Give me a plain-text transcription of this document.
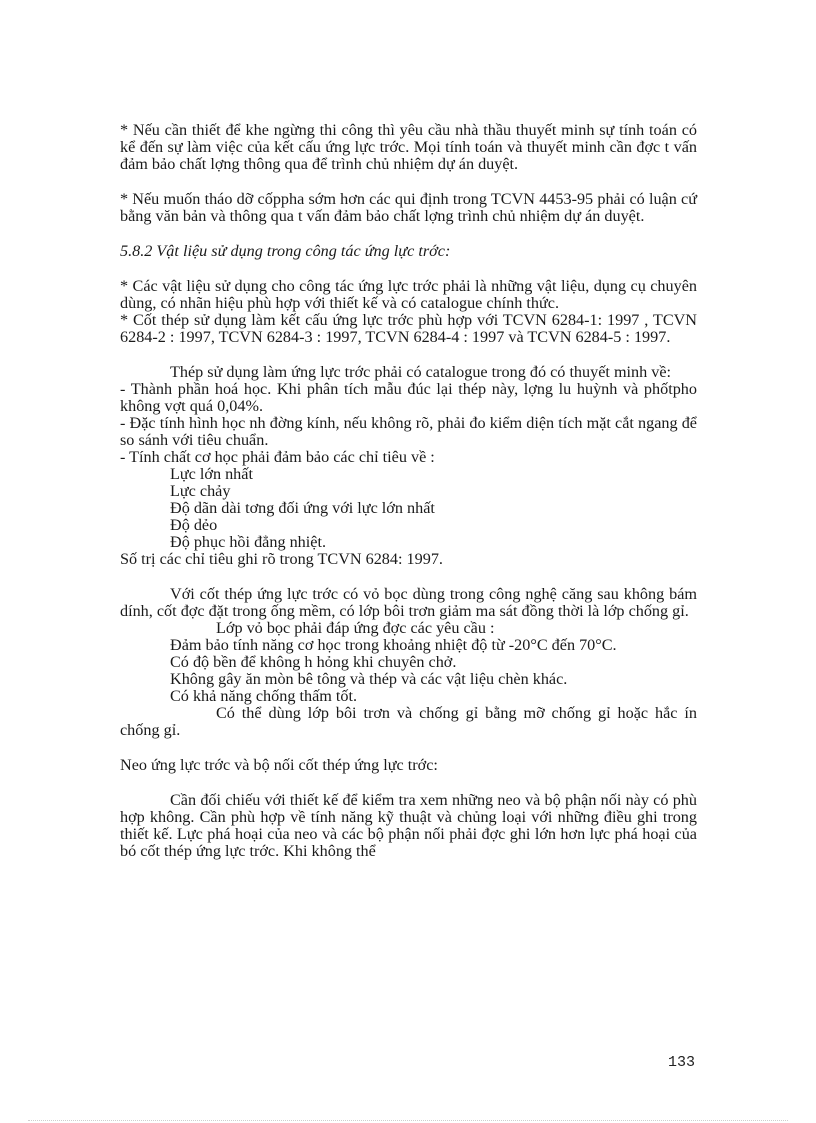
* Nếu cần thiết để khe ngừng thi công thì yêu cầu nhà thầu thuyết minh sự tính toán có kể đến sự làm việc của kết cấu ứng lực trớc. Mọi tính toán và thuyết minh cần đợc t vấn đảm bảo chất lợng thông qua để trình chủ nhiệm dự án duyệt.

* Nếu muốn tháo dỡ cốppha sớm hơn các qui định trong TCVN 4453-95 phải có luận cứ bằng văn bản và thông qua t vấn đảm bảo chất lợng trình chủ nhiệm dự án duyệt.

5.8.2 Vật liệu sử dụng trong công tác ứng lực trớc:

* Các vật liệu sử dụng cho công tác ứng lực trớc phải là những vật liệu, dụng cụ chuyên dùng, có nhãn hiệu phù hợp với thiết kế và có catalogue chính thức.

* Cốt thép sử dụng làm kết cấu ứng lực trớc phù hợp với TCVN 6284-1: 1997 , TCVN 6284-2 : 1997, TCVN 6284-3 : 1997, TCVN 6284-4 : 1997 và TCVN 6284-5 : 1997.

Thép sử dụng làm ứng lực trớc phải có catalogue trong đó có thuyết minh về:

- Thành phần hoá học. Khi phân tích mẫu đúc lại thép này, lợng lu huỳnh và phốtpho không vợt quá 0,04%.

- Đặc tính hình học nh đờng kính, nếu không rõ, phải đo kiểm diện tích mặt cắt ngang để so sánh với tiêu chuẩn.

- Tính chất cơ học phải đảm bảo các chỉ tiêu về :

Lực lớn nhất

Lực chảy

Độ dãn dài tơng đối ứng với lực lớn nhất

Độ dẻo

Độ phục hồi đẳng nhiệt.

Số trị các chỉ tiêu ghi rõ trong TCVN 6284: 1997.

Với cốt thép ứng lực trớc có vỏ bọc dùng trong công nghệ căng sau không bám dính, cốt đợc đặt trong ống mềm, có lớp bôi trơn giảm ma sát đồng thời là lớp chống gỉ.

Lớp vỏ bọc phải đáp ứng đợc các yêu cầu :

Đảm bảo tính năng cơ học trong khoảng nhiệt độ từ -20°C đến 70°C.

Có độ bền để không h hỏng khi chuyên chở.

Không gây ăn mòn bê tông và thép và các vật liệu chèn khác.

Có khả năng chống thấm tốt.

Có thể dùng lớp bôi trơn và chống gỉ bằng mỡ chống gỉ hoặc hắc ín chống gỉ.

Neo ứng lực trớc và bộ nối cốt thép ứng lực trớc:

Cần đối chiếu với thiết kế để kiểm tra xem những neo và bộ phận nối này có phù hợp không. Cần phù hợp về tính năng kỹ thuật và chủng loại với những điều ghi trong thiết kế. Lực phá hoại của neo và các bộ phận nối phải đợc ghi lớn hơn lực phá hoại của bó cốt thép ứng lực trớc. Khi không thể

133
